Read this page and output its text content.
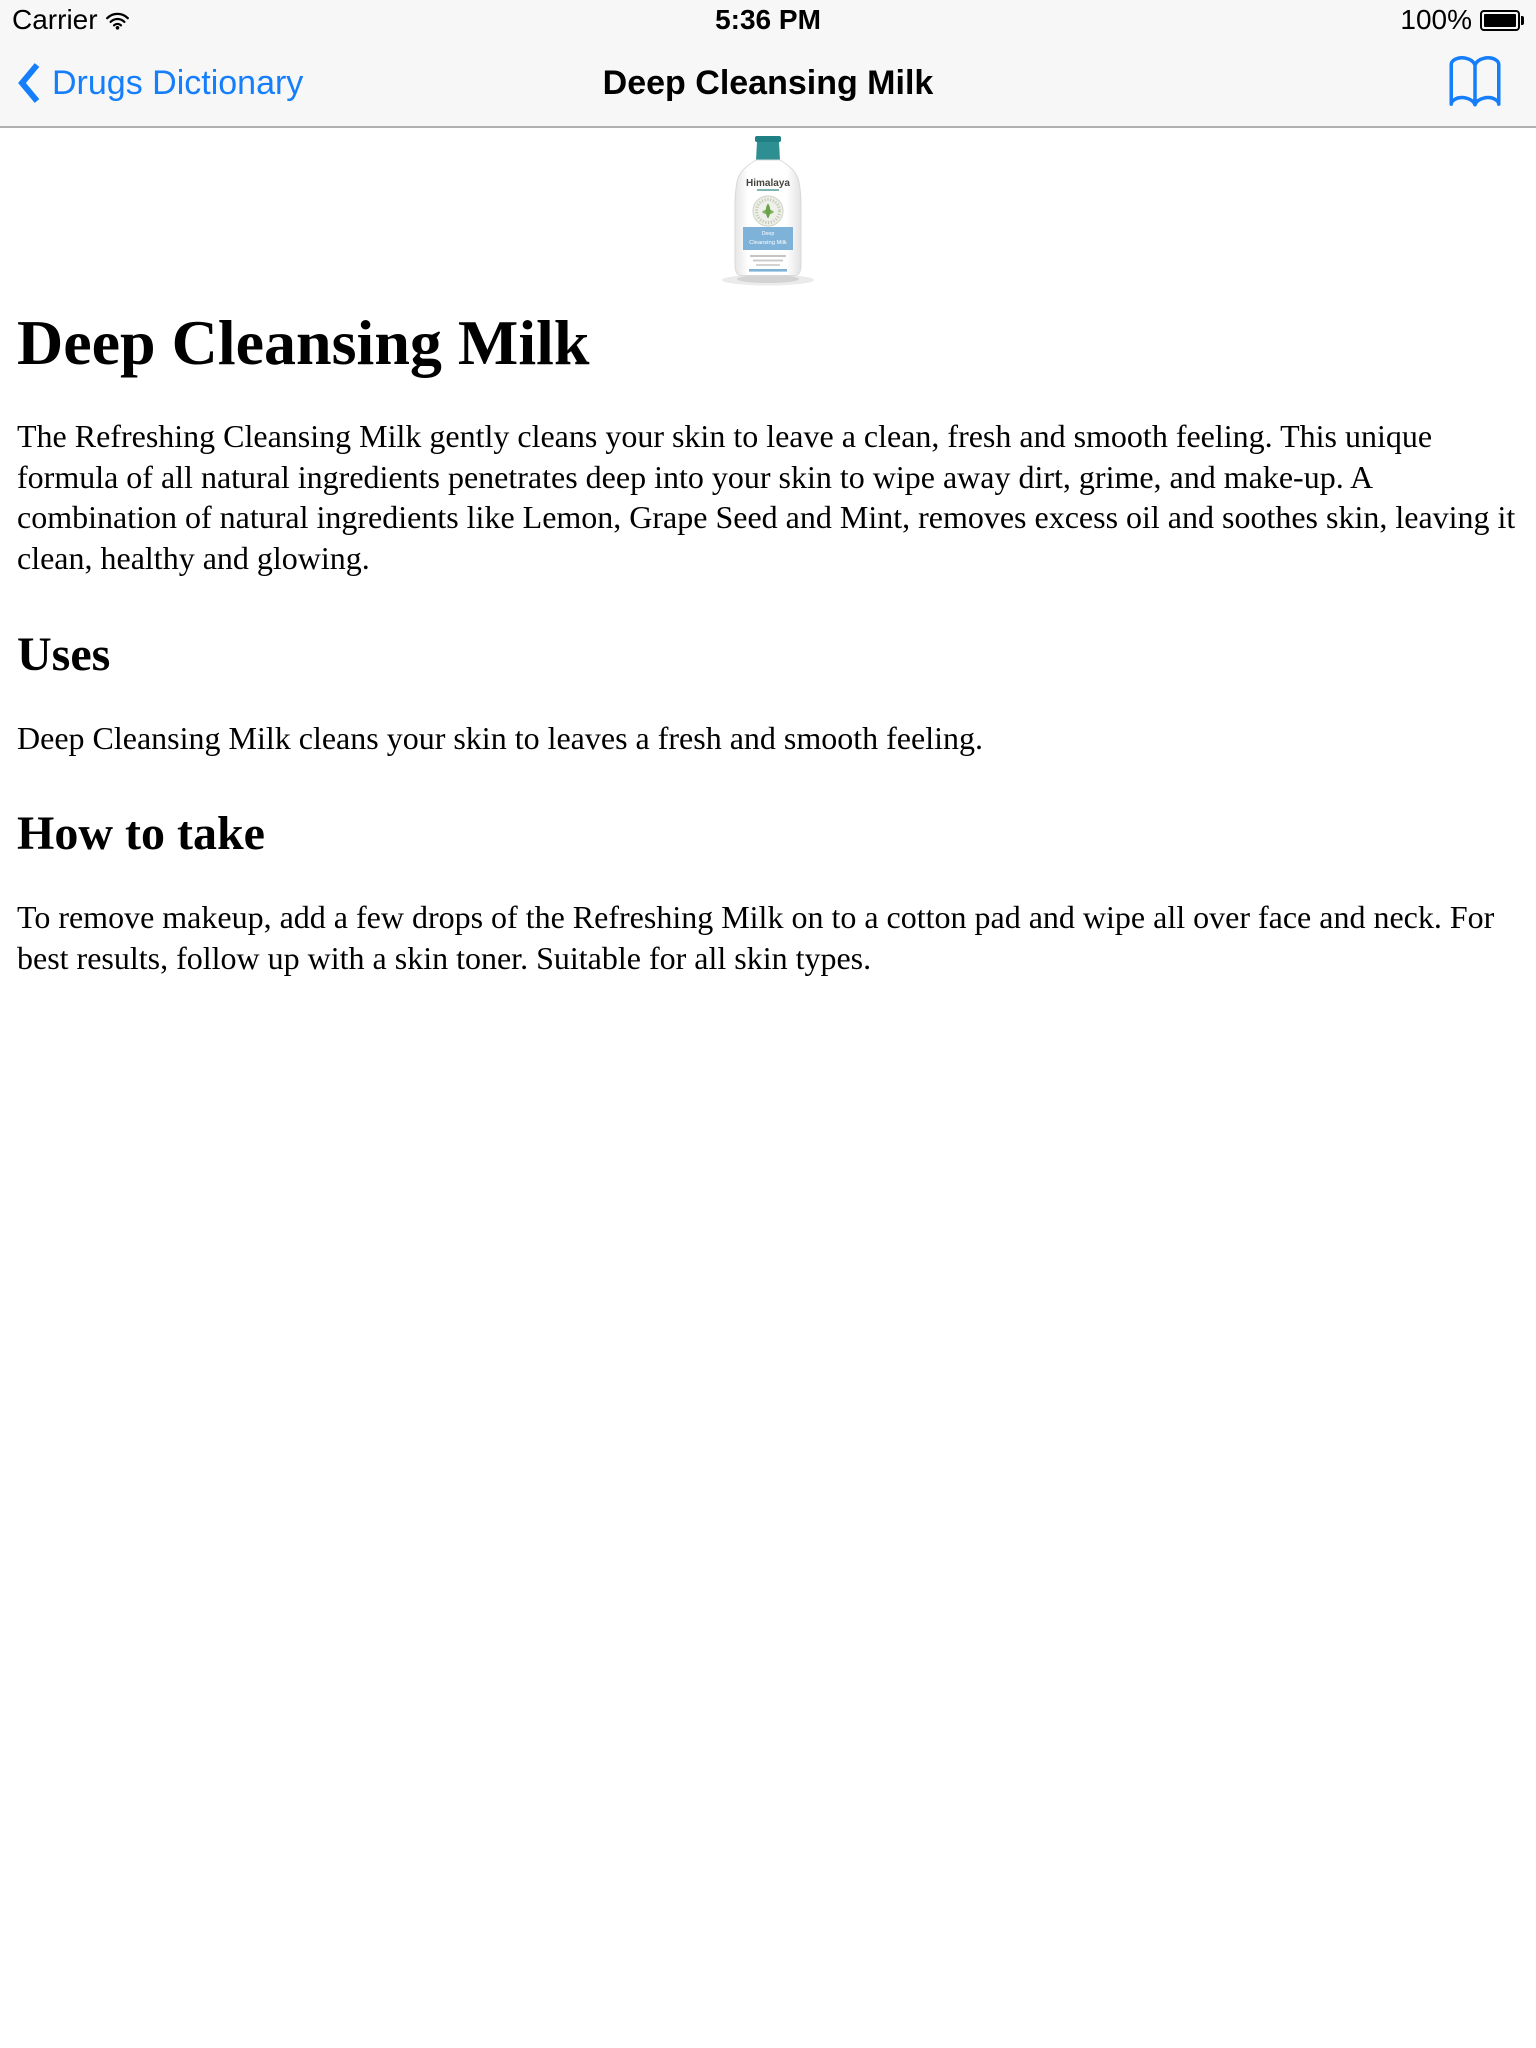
Carrier	5:36 PM	100%
Drugs Dictionary	Deep Cleansing Milk
Himalaya
Deep
Cleansing Milk
Deep Cleansing Milk

The Refreshing Cleansing Milk gently cleans your skin to leave a clean, fresh and smooth feeling. This unique formula of all natural ingredients penetrates deep into your skin to wipe away dirt, grime, and make-up. A combination of natural ingredients like Lemon, Grape Seed and Mint, removes excess oil and soothes skin, leaving it clean, healthy and glowing.

Uses

Deep Cleansing Milk cleans your skin to leaves a fresh and smooth feeling.

How to take

To remove makeup, add a few drops of the Refreshing Milk on to a cotton pad and wipe all over face and neck. For best results, follow up with a skin toner. Suitable for all skin types.
